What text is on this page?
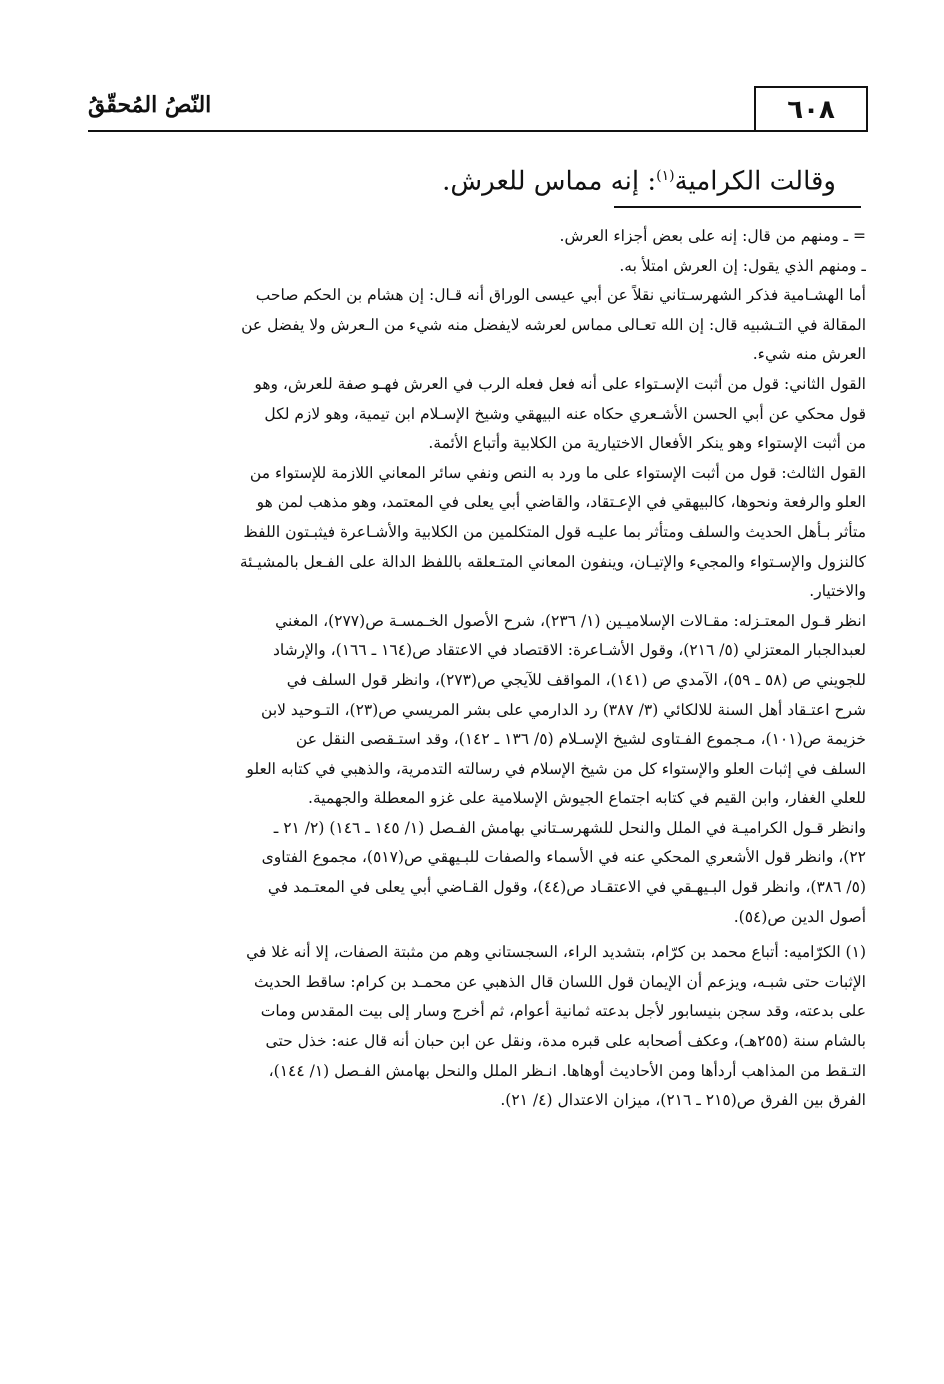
النّصُ المُحقّقُ	٦٠٨
وقالت الكرامية$^{(١)}$: إنه مماس للعرش.
= ـ ومنهم من قال: إنه على بعض أجزاء العرش.
ـ ومنهم الذي يقول: إن العرش امتلأ به.
أما الهشـامية فذكر الشهرسـتاني نقلاً عن أبي عيسى الوراق أنه قـال: إن هشام بن الحكم صاحب
المقالة في التـشبيه قال: إن الله تعـالى مماس لعرشه لايفضل منه شيء من الـعرش ولا يفضل عن
العرش منه شيء.
القول الثاني: قول من أثبت الإسـتواء على أنه فعل فعله الرب في العرش فهـو صفة للعرش، وهو
قول محكي عن أبي الحسن الأشـعري حكاه عنه البيهقي وشيخ الإسـلام ابن تيمية، وهو لازم لكل
من أثبت الإستواء وهو ينكر الأفعال الاختيارية من الكلابية وأتباع الأئمة.
القول الثالث: قول من أثبت الإستواء على ما ورد به النص ونفي سائر المعاني اللازمة للإستواء من
العلو والرفعة ونحوها، كالبيهقي في الإعـتقاد، والقاضي أبي يعلى في المعتمد، وهو مذهب لمن هو
متأثر بـأهل الحديث والسلف ومتأثر بما عليـه قول المتكلمين من الكلابية والأشـاعرة فيثبـتون اللفظ
كالنزول والإسـتواء والمجيء والإتيـان، وينفون المعاني المتـعلقه باللفظ الدالة على الفـعل بالمشيـئة
والاختيار.
انظر قـول المعتـزله: مقـالات الإسلاميـين (١/ ٢٣٦)، شرح الأصول الخـمسـة ص(٢٧٧)، المغني
لعبدالجبار المعتزلي (٥/ ٢١٦)، وقول الأشـاعرة: الاقتصاد في الاعتقاد ص(١٦٤ ـ ١٦٦)، والإرشاد
للجويني ص (٥٨ ـ ٥٩)، الآمدي ص (١٤١)، المواقف للآيجي ص(٢٧٣)، وانظر قول السلف في
شرح اعتـقاد أهل السنة للالكائي (٣/ ٣٨٧) رد الدارمي على بشر المريسي ص(٢٣)، التـوحيد لابن
خزيمة ص(١٠١)، مـجموع الفـتاوى لشيخ الإسـلام (٥/ ١٣٦ ـ ١٤٢)، وقد استـقصى النقل عن
السلف في إثبات العلو والإستواء كل من شيخ الإسلام في رسالته التدمرية، والذهبي في كتابه العلو
للعلي الغفار، وابن القيم في كتابه اجتماع الجيوش الإسلامية على غزو المعطلة والجهمية.
وانظر قـول الكراميـة في الملل والنحل للشهرسـتاني بهامش الفـصل (١/ ١٤٥ ـ ١٤٦) (٢/ ٢١ ـ
٢٢)، وانظر قول الأشعري المحكي عنه في الأسماء والصفات للبـيهقي ص(٥١٧)، مجموع الفتاوى
(٥/ ٣٨٦)، وانظر قول البـيهـقي في الاعتقـاد ص(٤٤)، وقول القـاضي أبي يعلى في المعتـمد في
أصول الدين ص(٥٤).
(١) الكرّاميه: أتباع محمد بن كرّام، بتشديد الراء، السجستاني وهم من مثبتة الصفات، إلا أنه غلا في
الإثبات حتى شبـه، ويزعم أن الإيمان قول اللسان قال الذهبي عن محمـد بن كرام: ساقط الحديث
على بدعته، وقد سجن بنيسابور لأجل بدعته ثمانية أعوام، ثم أخرج وسار إلى بيت المقدس ومات
بالشام سنة (٢٥٥هـ)، وعكف أصحابه على قبره مدة، ونقل عن ابن حبان أنه قال عنه: خذل حتى
التـقط من المذاهب أردأها ومن الأحاديث أوهاها. انـظر الملل والنحل بهامش الفـصل (١/ ١٤٤)،
الفرق بين الفرق ص(٢١٥ ـ ٢١٦)، ميزان الاعتدال (٤/ ٢١).
